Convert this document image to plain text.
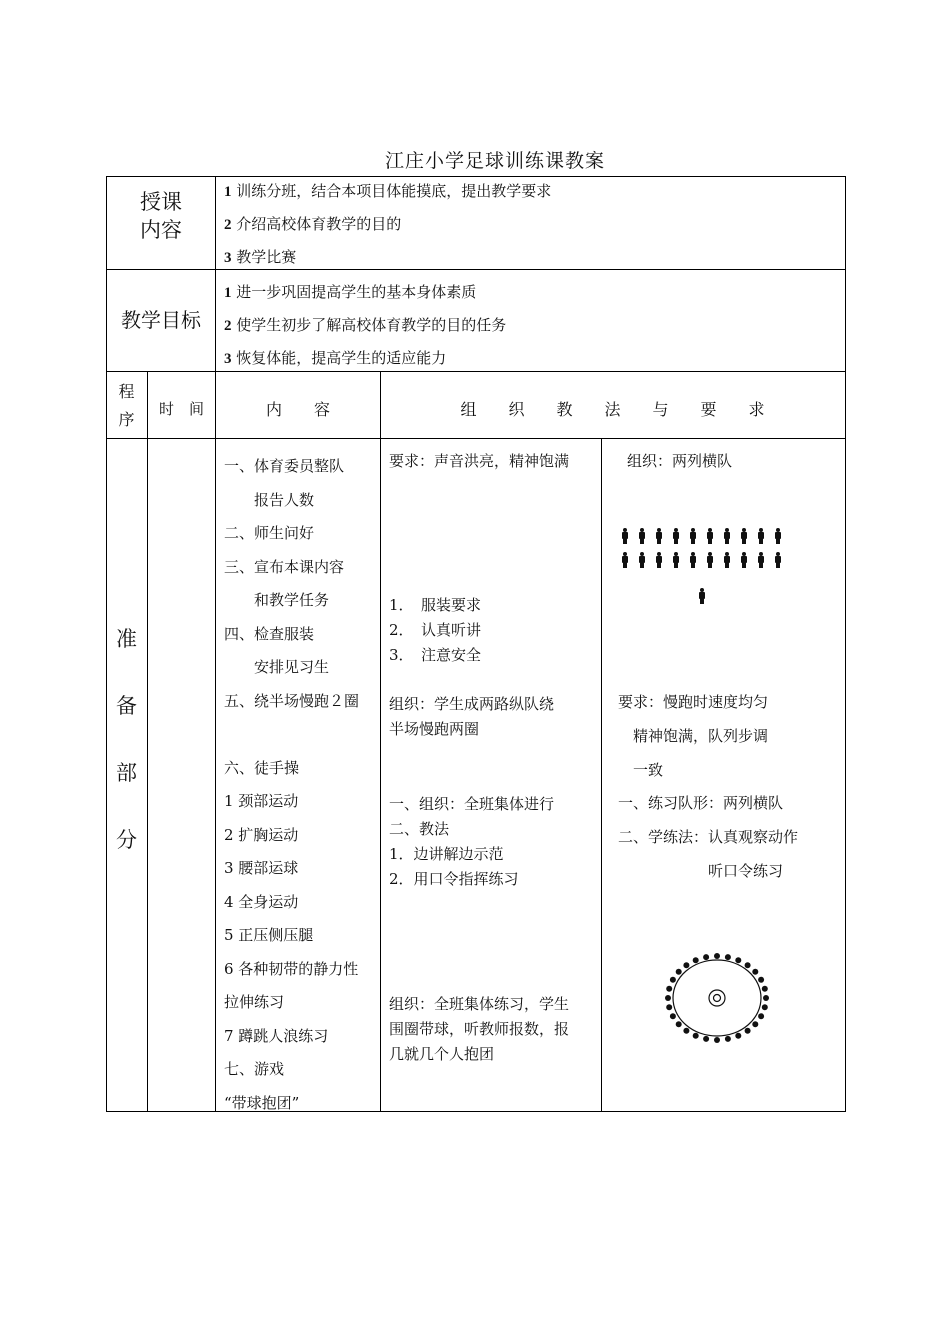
江庄小学足球训练课教案
授课
内容
1 训练分班，结合本项目体能摸底，提出教学要求
2 介绍高校体育教学的目的
3 教学比赛
教学目标
1 进一步巩固提高学生的基本身体素质
2 使学生初步了解高校体育教学的目的任务
3 恢复体能，提高学生的适应能力
程
序
时　间	内　　容	组　　织　　教　　法　　与　　要　　求
准
备
部
分
一、体育委员整队
　　报告人数
二、师生问好
三、宣布本课内容
　　和教学任务
四、检查服装
　　安排见习生
五、绕半场慢跑２圈
六、徒手操
1 颈部运动
2 扩胸运动
3 腰部运球
4 全身运动
5 正压侧压腿
6 各种韧带的静力性
拉伸练习
7 蹲跳人浪练习
七、游戏
“带球抱团”
要求：声音洪亮，精神饱满
1．　服装要求
2．　认真听讲
3．　注意安全
组织：学生成两路纵队绕
半场慢跑两圈
一、组织：全班集体进行
二、教法
1．边讲解边示范
2．用口令指挥练习
组织：全班集体练习，学生
围圈带球，听教师报数，报
几就几个人抱团
组织：两列横队
要求：慢跑时速度均匀
　精神饱满，队列步调
　一致
一、练习队形：两列横队
二、学练法：认真观察动作
　　　　　　听口令练习
